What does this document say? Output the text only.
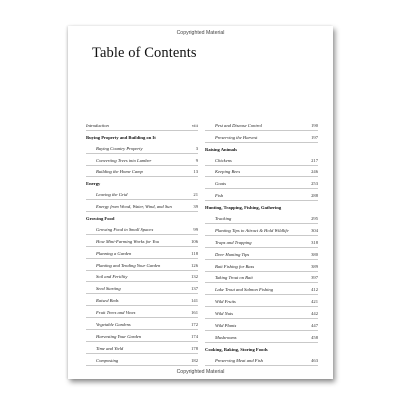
Copyrighted Material
Table of Contents
Introduction	viii
Buying Property and Building on It
Buying Country Property	3
Converting Trees into Lumber	9
Building the Home Camp	13
Energy
Leaving the Grid	21
Energy from Wood, Water, Wind, and Sun	39
Growing Food
Growing Food in Small Spaces	99
How Mini-Farming Works for You	106
Planning a Garden	118
Planting and Tending Your Garden	126
Soil and Fertility	132
Seed Starting	137
Raised Beds	141
Fruit Trees and Vines	161
Vegetable Gardens	172
Harvesting Your Garden	174
Time and Yield	178
Composting	182
Pest and Disease Control	190
Preserving the Harvest	197
Raising Animals
Chickens	217
Keeping Bees	246
Goats	253
Fish	288
Hunting, Trapping, Fishing, Gathering
Tracking	295
Planting Tips to Attract & Hold Wildlife	304
Traps and Trapping	318
Deer Hunting Tips	380
Bait Fishing for Bass	389
Taking Trout on Bait	397
Lake Trout and Salmon Fishing	412
Wild Fruits	421
Wild Nuts	442
Wild Plants	447
Mushrooms	458
Cooking, Baking, Storing Foods
Preserving Meat and Fish	463
Copyrighted Material
